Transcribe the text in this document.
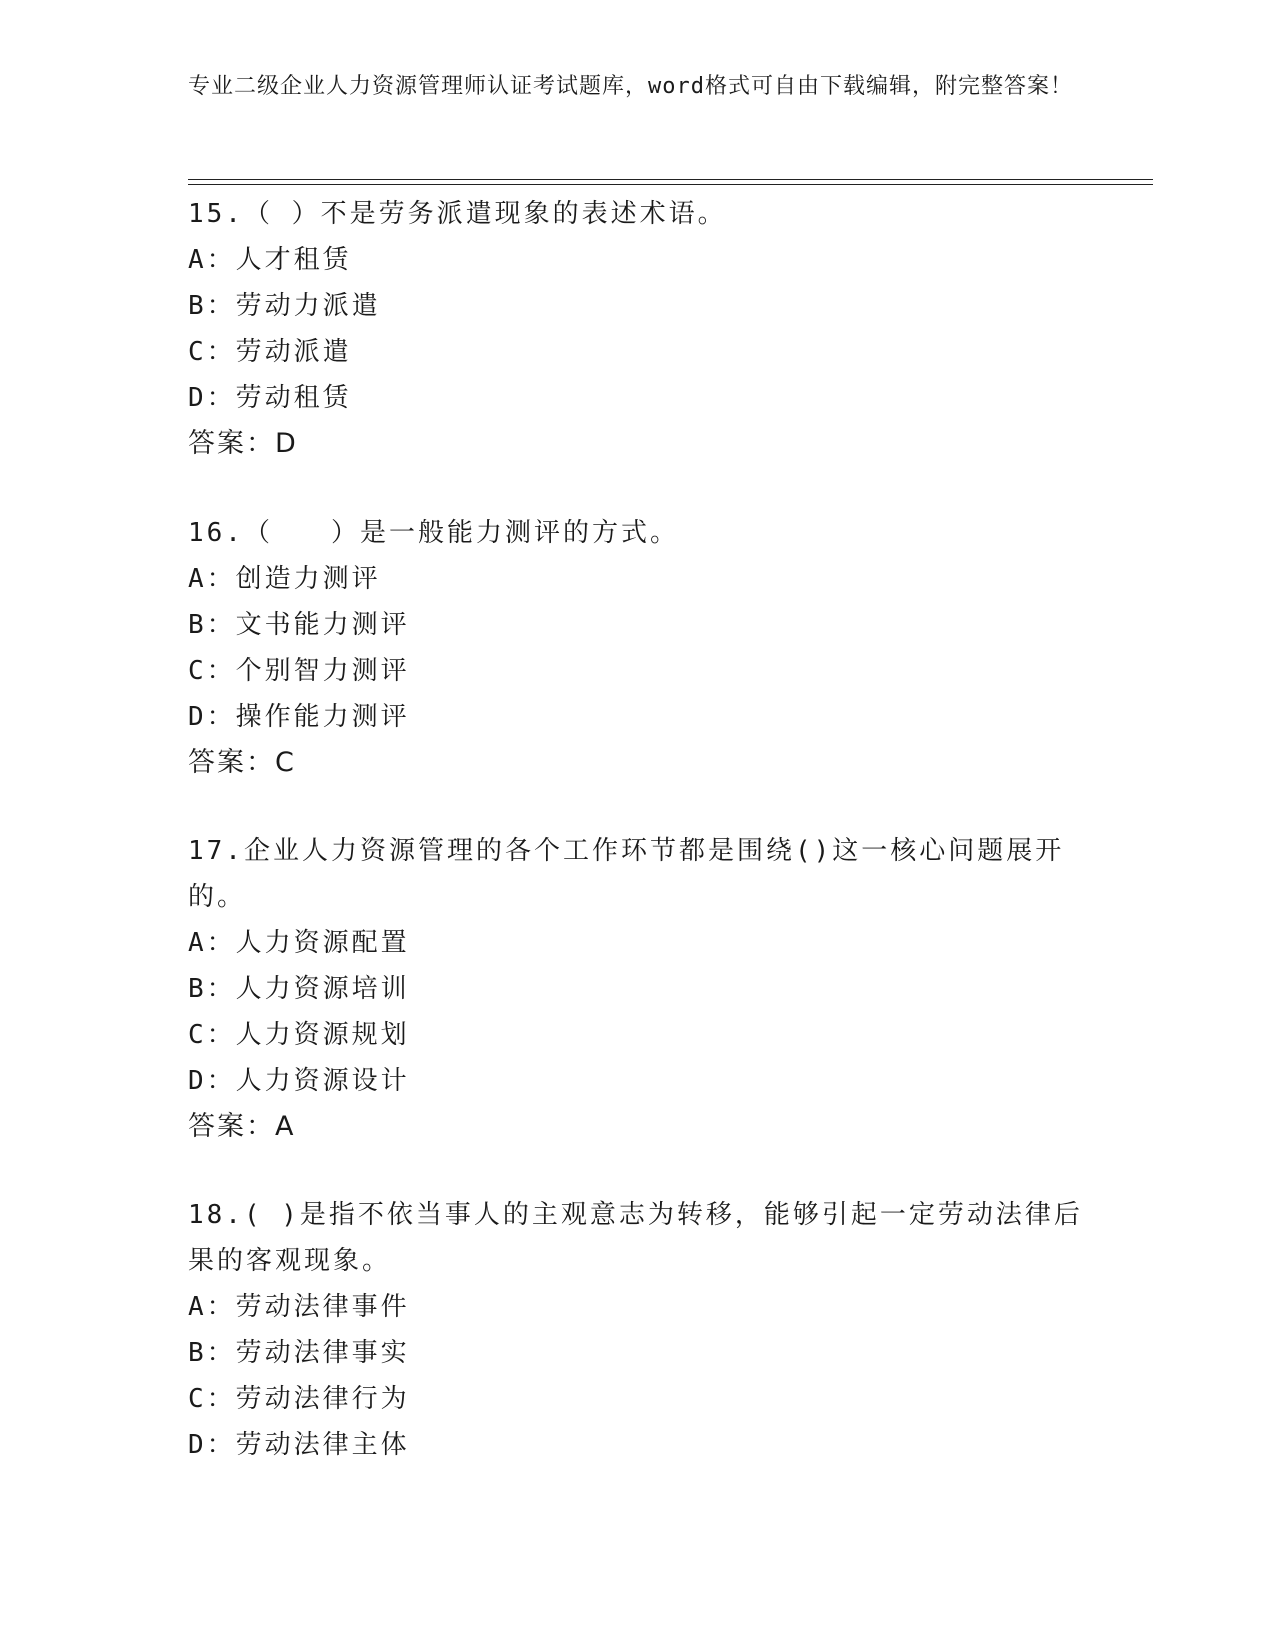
专业二级企业人力资源管理师认证考试题库，word格式可自由下载编辑，附完整答案！

15.（ ）不是劳务派遣现象的表述术语。

A：人才租赁

B：劳动力派遣

C：劳动派遣

D：劳动租赁

答案：D

16.（　　）是一般能力测评的方式。

A：创造力测评

B：文书能力测评

C：个别智力测评

D：操作能力测评

答案：C

17.企业人力资源管理的各个工作环节都是围绕()这一核心问题展开的。

A：人力资源配置

B：人力资源培训

C：人力资源规划

D：人力资源设计

答案：A

18.( )是指不依当事人的主观意志为转移，能够引起一定劳动法律后果的客观现象。

A：劳动法律事件

B：劳动法律事实

C：劳动法律行为

D：劳动法律主体
